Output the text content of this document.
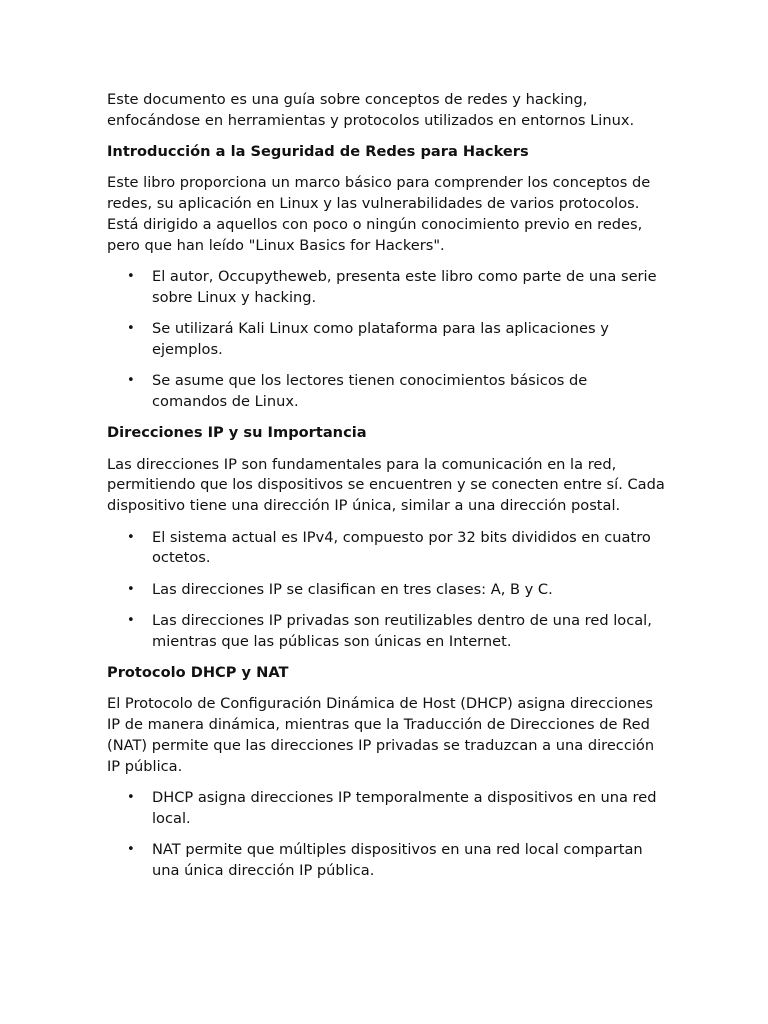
Este documento es una guía sobre conceptos de redes y hacking, enfocándose en herramientas y protocolos utilizados en entornos Linux.

Introducción a la Seguridad de Redes para Hackers

Este libro proporciona un marco básico para comprender los conceptos de redes, su aplicación en Linux y las vulnerabilidades de varios protocolos. Está dirigido a aquellos con poco o ningún conocimiento previo en redes, pero que han leído "Linux Basics for Hackers".

• El autor, Occupytheweb, presenta este libro como parte de una serie sobre Linux y hacking.
• Se utilizará Kali Linux como plataforma para las aplicaciones y ejemplos.
• Se asume que los lectores tienen conocimientos básicos de comandos de Linux.
Direcciones IP y su Importancia

Las direcciones IP son fundamentales para la comunicación en la red, permitiendo que los dispositivos se encuentren y se conecten entre sí. Cada dispositivo tiene una dirección IP única, similar a una dirección postal.

• El sistema actual es IPv4, compuesto por 32 bits divididos en cuatro octetos.
• Las direcciones IP se clasifican en tres clases: A, B y C.
• Las direcciones IP privadas son reutilizables dentro de una red local, mientras que las públicas son únicas en Internet.
Protocolo DHCP y NAT

El Protocolo de Configuración Dinámica de Host (DHCP) asigna direcciones IP de manera dinámica, mientras que la Traducción de Direcciones de Red (NAT) permite que las direcciones IP privadas se traduzcan a una dirección IP pública.

• DHCP asigna direcciones IP temporalmente a dispositivos en una red local.
• NAT permite que múltiples dispositivos en una red local compartan una única dirección IP pública.
